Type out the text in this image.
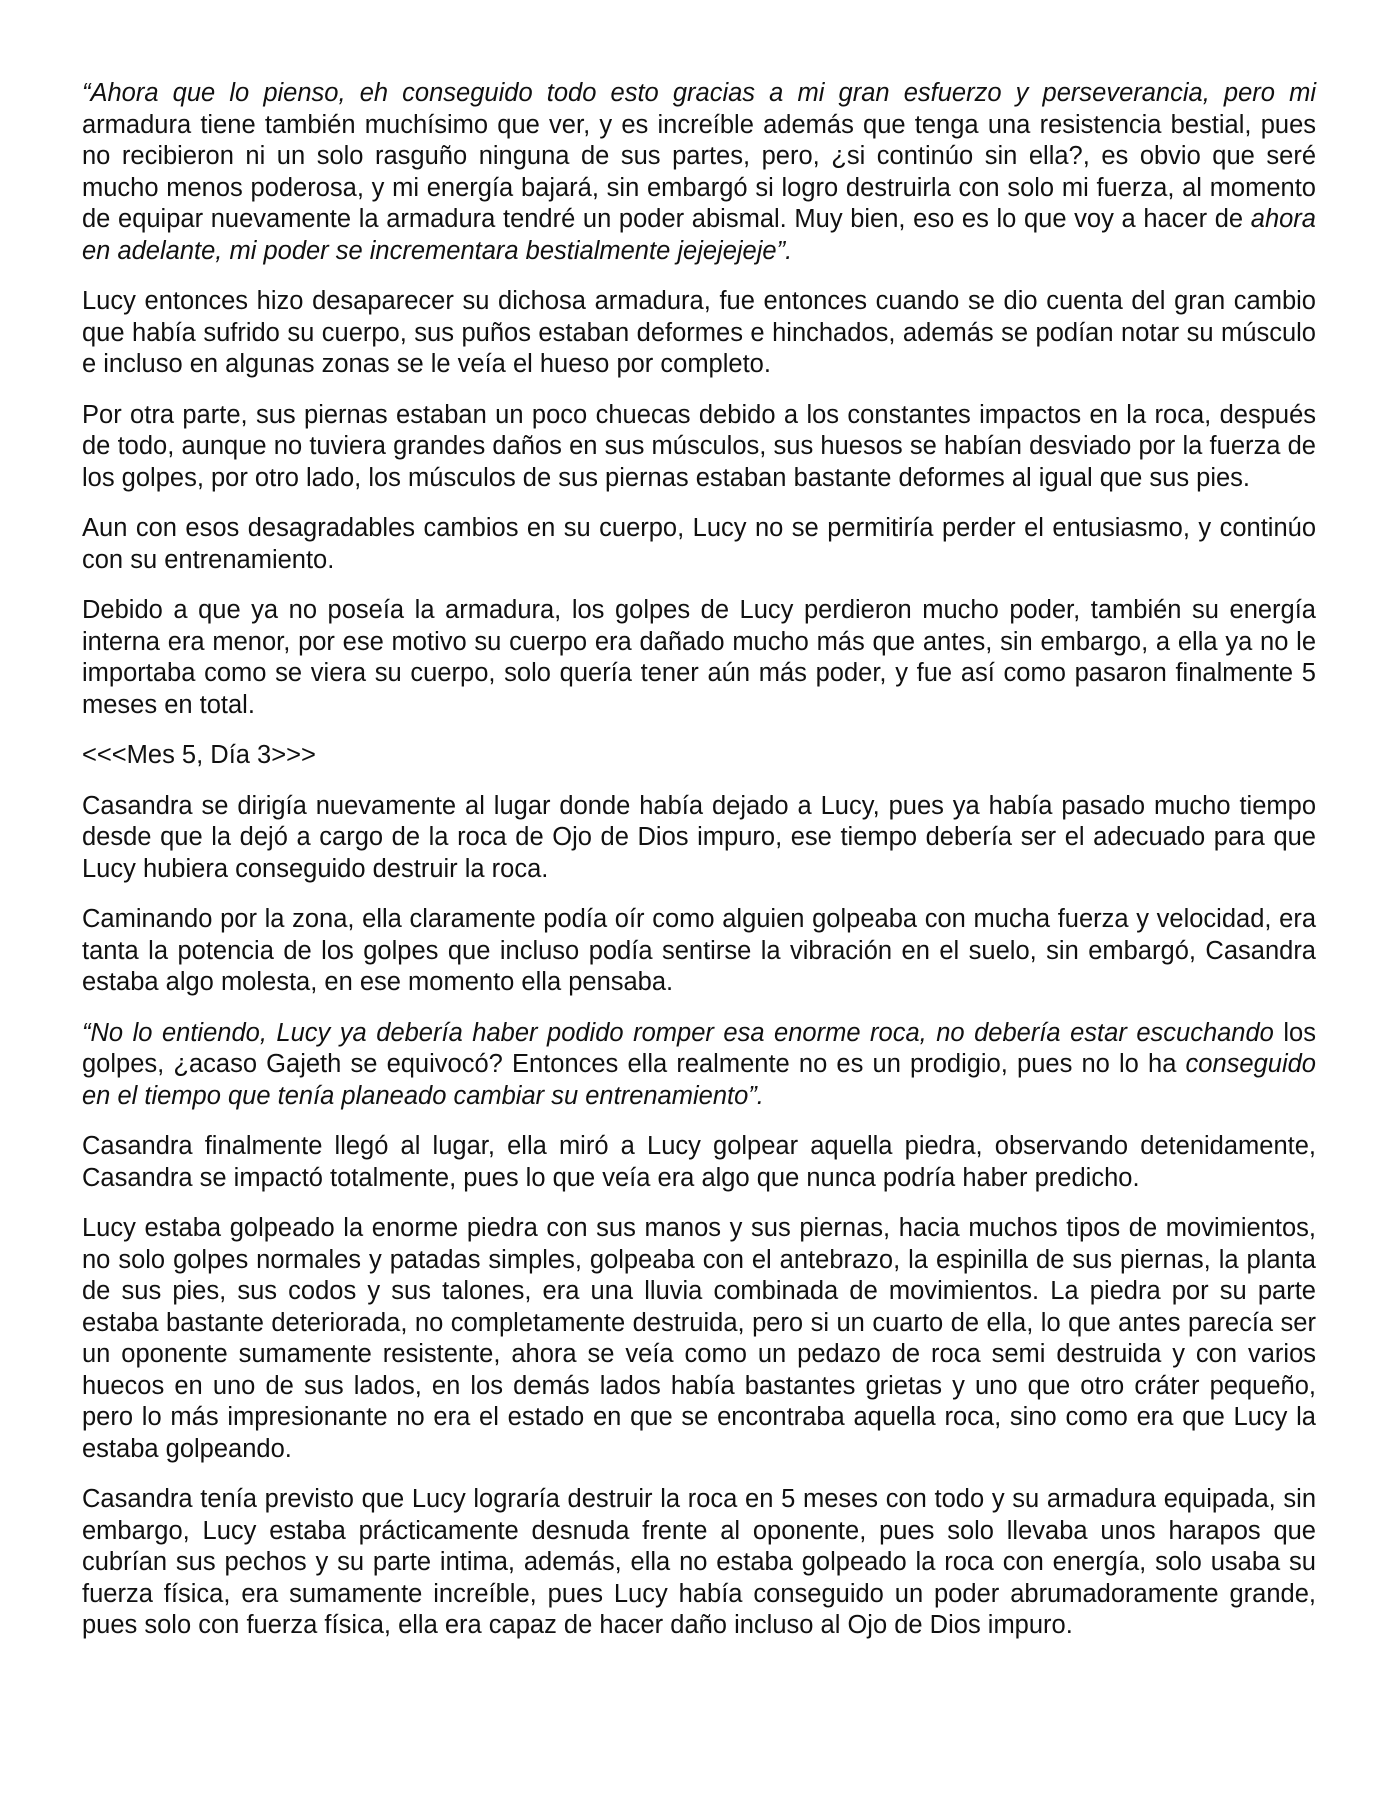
“Ahora que lo pienso, eh conseguido todo esto gracias a mi gran esfuerzo y perseverancia, pero mi armadura tiene también muchísimo que ver, y es increíble además que tenga una resistencia bestial, pues no recibieron ni un solo rasguño ninguna de sus partes, pero, ¿si continúo sin ella?, es obvio que seré mucho menos poderosa, y mi energía bajará, sin embargó si logro destruirla con solo mi fuerza, al momento de equipar nuevamente la armadura tendré un poder abismal. Muy bien, eso es lo que voy a hacer de ahora en adelante, mi poder se incrementara bestialmente jejejejeje”.

Lucy entonces hizo desaparecer su dichosa armadura, fue entonces cuando se dio cuenta del gran cambio que había sufrido su cuerpo, sus puños estaban deformes e hinchados, además se podían notar su músculo e incluso en algunas zonas se le veía el hueso por completo.

Por otra parte, sus piernas estaban un poco chuecas debido a los constantes impactos en la roca, después de todo, aunque no tuviera grandes daños en sus músculos, sus huesos se habían desviado por la fuerza de los golpes, por otro lado, los músculos de sus piernas estaban bastante deformes al igual que sus pies.

Aun con esos desagradables cambios en su cuerpo, Lucy no se permitiría perder el entusiasmo, y continúo con su entrenamiento.

Debido a que ya no poseía la armadura, los golpes de Lucy perdieron mucho poder, también su energía interna era menor, por ese motivo su cuerpo era dañado mucho más que antes, sin embargo, a ella ya no le importaba como se viera su cuerpo, solo quería tener aún más poder, y fue así como pasaron finalmente 5 meses en total.

<<<Mes 5, Día 3>>>

Casandra se dirigía nuevamente al lugar donde había dejado a Lucy, pues ya había pasado mucho tiempo desde que la dejó a cargo de la roca de Ojo de Dios impuro, ese tiempo debería ser el adecuado para que Lucy hubiera conseguido destruir la roca.

Caminando por la zona, ella claramente podía oír como alguien golpeaba con mucha fuerza y velocidad, era tanta la potencia de los golpes que incluso podía sentirse la vibración en el suelo, sin embargó, Casandra estaba algo molesta, en ese momento ella pensaba.

“No lo entiendo, Lucy ya debería haber podido romper esa enorme roca, no debería estar escuchando los golpes, ¿acaso Gajeth se equivocó? Entonces ella realmente no es un prodigio, pues no lo ha conseguido en el tiempo que tenía planeado cambiar su entrenamiento”.

Casandra finalmente llegó al lugar, ella miró a Lucy golpear aquella piedra, observando detenidamente, Casandra se impactó totalmente, pues lo que veía era algo que nunca podría haber predicho.

Lucy estaba golpeado la enorme piedra con sus manos y sus piernas, hacia muchos tipos de movimientos, no solo golpes normales y patadas simples, golpeaba con el antebrazo, la espinilla de sus piernas, la planta de sus pies, sus codos y sus talones, era una lluvia combinada de movimientos. La piedra por su parte estaba bastante deteriorada, no completamente destruida, pero si un cuarto de ella, lo que antes parecía ser un oponente sumamente resistente, ahora se veía como un pedazo de roca semi destruida y con varios huecos en uno de sus lados, en los demás lados había bastantes grietas y uno que otro cráter pequeño, pero lo más impresionante no era el estado en que se encontraba aquella roca, sino como era que Lucy la estaba golpeando.

Casandra tenía previsto que Lucy lograría destruir la roca en 5 meses con todo y su armadura equipada, sin embargo, Lucy estaba prácticamente desnuda frente al oponente, pues solo llevaba unos harapos que cubrían sus pechos y su parte intima, además, ella no estaba golpeado la roca con energía, solo usaba su fuerza física, era sumamente increíble, pues Lucy había conseguido un poder abrumadoramente grande, pues solo con fuerza física, ella era capaz de hacer daño incluso al Ojo de Dios impuro.
